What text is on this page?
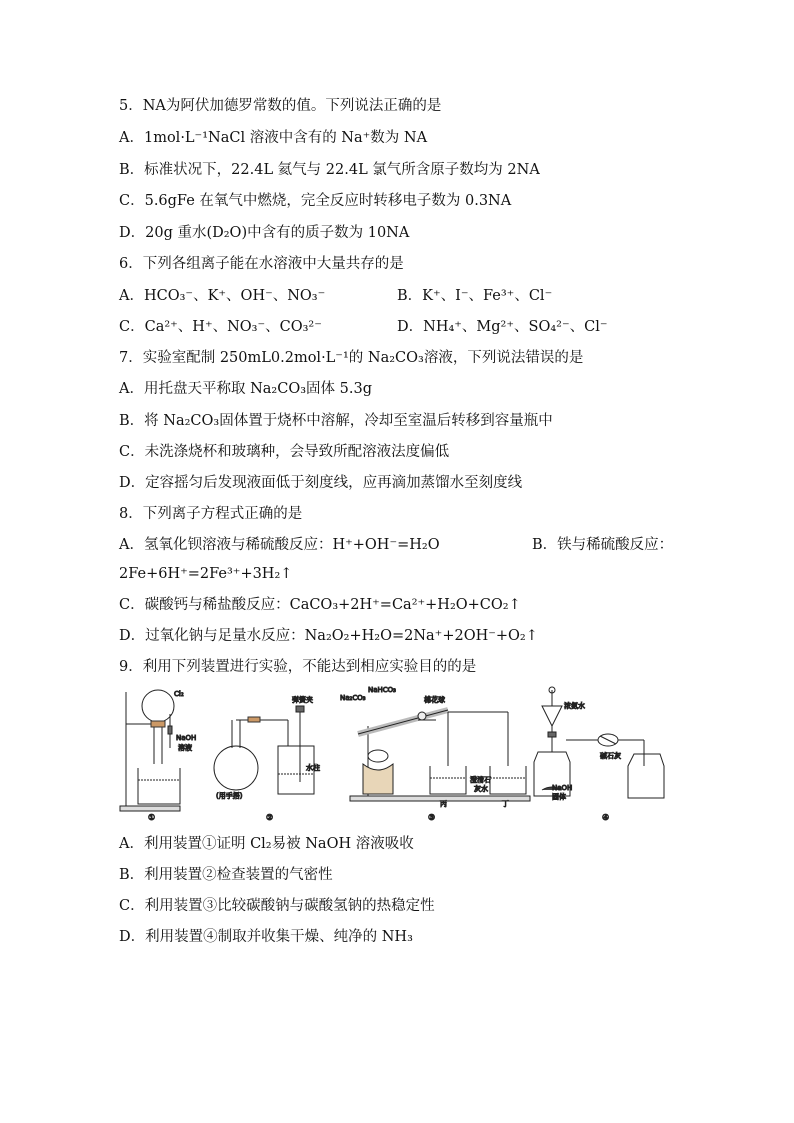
5．NA为阿伏加德罗常数的值。下列说法正确的是
A．1mol·L⁻¹NaCl 溶液中含有的 Na⁺数为 NA
B．标准状况下，22.4L 氦气与 22.4L 氯气所含原子数均为 2NA
C．5.6gFe 在氧气中燃烧，完全反应时转移电子数为 0.3NA
D．20g 重水(D₂O)中含有的质子数为 10NA
6．下列各组离子能在水溶液中大量共存的是
A．HCO₃⁻、K⁺、OH⁻、NO₃⁻	B．K⁺、I⁻、Fe³⁺、Cl⁻
C．Ca²⁺、H⁺、NO₃⁻、CO₃²⁻	D．NH₄⁺、Mg²⁺、SO₄²⁻、Cl⁻
7．实验室配制 250mL0.2mol·L⁻¹的 Na₂CO₃溶液，下列说法错误的是
A．用托盘天平称取 Na₂CO₃固体 5.3g
B．将 Na₂CO₃固体置于烧杯中溶解，冷却至室温后转移到容量瓶中
C．未洗涤烧杯和玻璃种，会导致所配溶液法度偏低
D．定容摇匀后发现液面低于刻度线，应再滴加蒸馏水至刻度线
8．下列离子方程式正确的是
A．氢氧化钡溶液与稀硫酸反应：H⁺+OH⁻=H₂O	B．铁与稀硫酸反应：
2Fe+6H⁺=2Fe³⁺+3H₂↑
C．碳酸钙与稀盐酸反应：CaCO₃+2H⁺=Ca²⁺+H₂O+CO₂↑
D．过氧化钠与足量水反应：Na₂O₂+H₂O=2Na⁺+2OH⁻+O₂↑
9．利用下列装置进行实验，不能达到相应实验目的的是
Cl₂
NaOH
溶液
①
弹簧夹
水柱
(用手捂)
②
Na₂CO₃
NaHCO₃
棉花球
澄清石
灰水
丙	丁
③
浓氨水
碱石灰
NaOH
固体
④
A．利用装置①证明 Cl₂易被 NaOH 溶液吸收
B．利用装置②检查装置的气密性
C．利用装置③比较碳酸钠与碳酸氢钠的热稳定性
D．利用装置④制取并收集干燥、纯净的 NH₃
